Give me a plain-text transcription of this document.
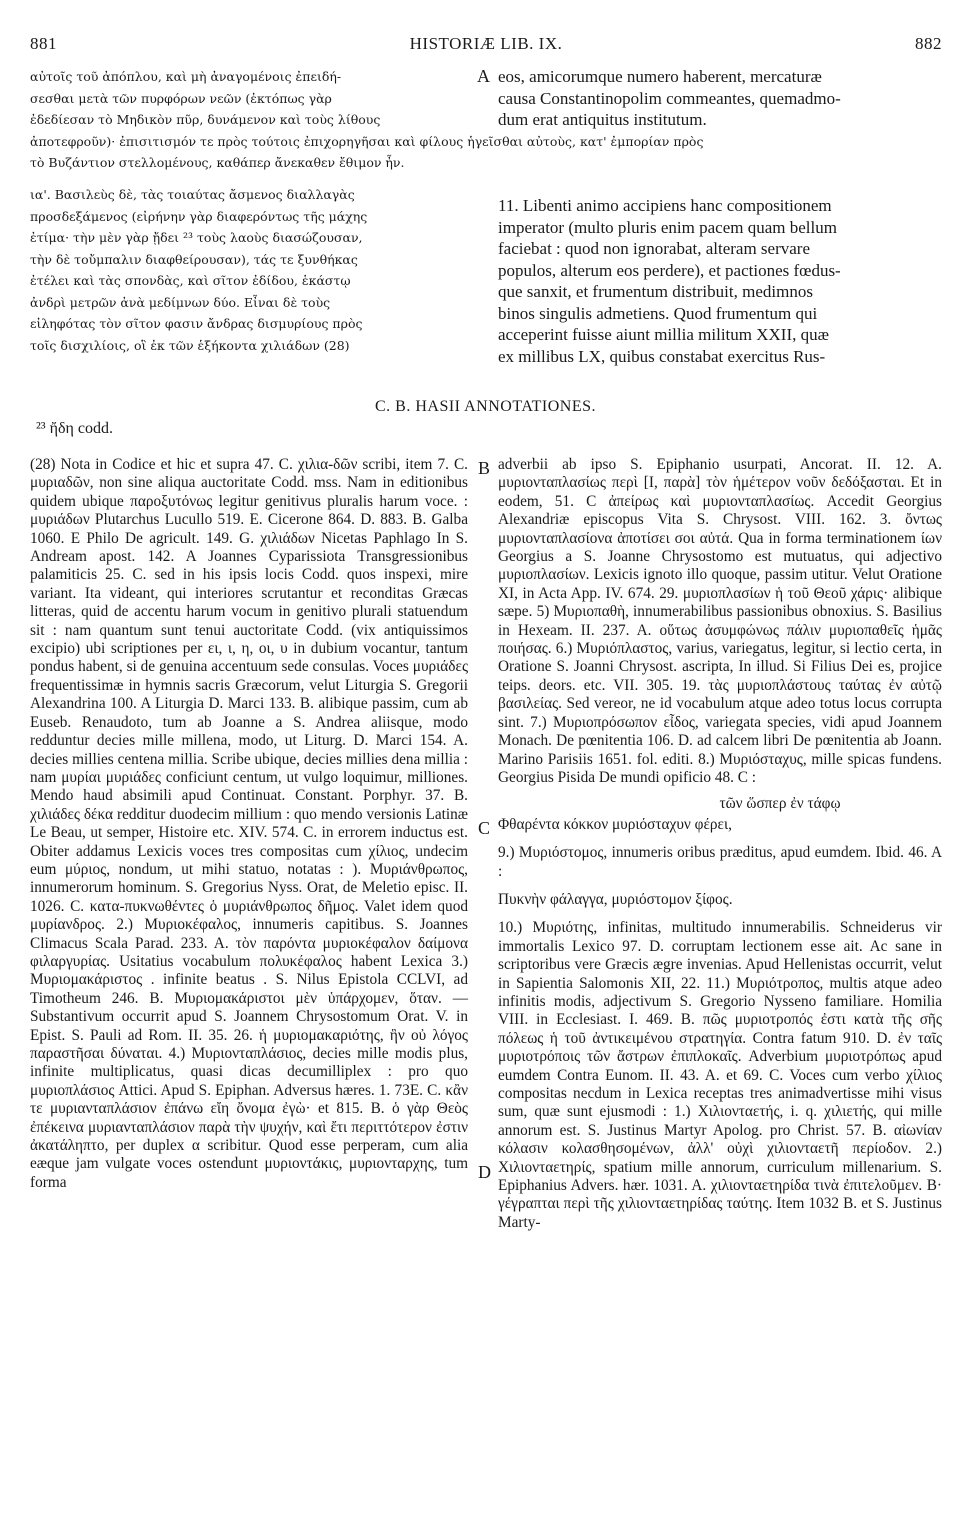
881	HISTORIÆ LIB. IX.	882
αὐτοῖς τοῦ ἀπόπλου, καὶ μὴ ἀναγομένοις ἐπειδή-
σεσθαι μετὰ τῶν πυρφόρων νεῶν (ἐκτόπως γὰρ
ἐδεδίεσαν τὸ Μηδικὸν πῦρ, δυνάμενον καὶ τοὺς λίθους
ἀποτεφροῦν)· ἐπισιτισμόν τε πρὸς τούτοις ἐπιχορηγῆσαι καὶ φίλους ἡγεῖσθαι αὐτοὺς, κατ' ἐμπορίαν πρὸς
τὸ Βυζάντιον στελλομένους, καθάπερ ἄνεκαθεν ἔθιμον ἦν.
A eos, amicorumque numero haberent, mercaturæ
causa Constantinopolim commeantes, quemadmo-
dum erat antiquitus institutum.
ια'. Βασιλεὺς δὲ, τὰς τοιαύτας ἄσμενος διαλλαγὰς
προσδεξάμενος (εἰρήνην γὰρ διαφερόντως τῆς μάχης
ἐτίμα· τὴν μὲν γὰρ ᾔδει ²³ τοὺς λαοὺς διασώζουσαν,
τὴν δὲ τοὔμπαλιν διαφθείρουσαν), τάς τε ξυνθήκας
ἐτέλει καὶ τὰς σπονδὰς, καὶ σῖτον ἐδίδου, ἑκάστῳ
ἀνδρὶ μετρῶν ἀνὰ μεδίμνων δύο. Εἶναι δὲ τοὺς
εἰληφότας τὸν σῖτον φασιν ἄνδρας δισμυρίους πρὸς
τοῖς δισχιλίοις, οἳ ἐκ τῶν ἑξήκοντα χιλιάδων (28)
11. Libenti animo accipiens hanc compositionem
imperator (multo pluris enim pacem quam bellum
faciebat : quod non ignorabat, alteram servare
populos, alterum eos perdere), et pactiones fœdus-
que sanxit, et frumentum distribuit, medimnos
binos singulis admetiens. Quod frumentum qui
acceperint fuisse aiunt millia militum XXII, quæ
ex millibus LX, quibus constabat exercitus Rus-
C. B. HASII ANNOTATIONES.
²³ ἤδη codd.

(28) Nota in Codice et hic et supra 47. C. χιλια-δῶν scribi, item 7. C. μυριαδῶν, non sine aliqua auctoritate Codd. mss. Nam in editionibus quidem ubique παροξυτόνως legitur genitivus pluralis harum voce. : μυριάδων Plutarchus Lucullo 519. E. Cicerone 864. D. 883. B. Galba 1060. E Philo De agricult. 149. G. χιλιάδων Nicetas Paphlago In S. Andream apost. 142. A Joannes Cyparissiota Transgressionibus palamiticis 25. C. sed in his ipsis locis Codd. quos inspexi, mire variant. Ita videant, qui interiores scrutantur et reconditas Græcas litteras, quid de accentu harum vocum in genitivo plurali statuendum sit : nam quantum sunt tenui auctoritate Codd. (vix antiquissimos excipio) ubi scriptiones per ει, ι, η, οι, υ in dubium vocantur, tantum pondus habent, si de genuina accentuum sede consulas. Voces μυριάδες frequentissimæ in hymnis sacris Græcorum, velut Liturgia S. Gregorii Alexandrina 100. A Liturgia D. Marci 133. B. alibique passim, cum ab Euseb. Renaudoto, tum ab Joanne a S. Andrea aliisque, modo redduntur decies mille millena, modo, ut Liturg. D. Marci 154. A. decies millies centena millia. Scribe ubique, decies millies dena millia : nam μυρίαι μυριάδες conficiunt centum, ut vulgo loquimur, milliones. Mendo haud absimili apud Continuat. Constant. Porphyr. 37. B. χιλιάδες δέκα redditur duodecim millium : quo mendo versionis Latinæ Le Beau, ut semper, Histoire etc. XIV. 574. C. in errorem inductus est. Obiter addamus Lexicis voces tres compositas cum χίλιος, undecim eum μύριος, nondum, ut mihi statuo, notatas : ). Μυριάνθρωπος, innumerorum hominum. S. Gregorius Nyss. Orat, de Meletio episc. II. 1026. C. κατα-πυκνωθέντες ὁ μυριάνθρωπος δῆμος. Valet idem quod μυρίανδρος. 2.) Μυριοκέφαλος, innumeris capitibus. S. Joannes Climacus Scala Parad. 233. A. τὸν παρόντα μυριοκέφαλον δαίμονα φιλαργυρίας. Usitatius vocabulum πολυκέφαλος habent Lexica 3.) Μυριομακάριστος . infinite beatus . S. Nilus Epistola CCLVI, ad Timotheum 246. B. Μυριομακάριστοι μὲν ὑπάρχομεν, ὅταν. — Substantivum occurrit apud S. Joannem Chrysostomum Orat. V. in Epist. S. Pauli ad Rom. II. 35. 26. ἡ μυριομακαριότης, ἣν οὐ λόγος παραστῆσαι δύναται. 4.) Μυριονταπλάσιος, decies mille modis plus, infinite multiplicatus, quasi dicas decumilliplex : pro quo μυριοπλάσιος Attici. Apud S. Epiphan. Adversus hæres. 1. 73E. C. κἂν τε μυριανταπλάσιον ἐπάνω εἴη ὄνομα ἐγὼ· et 815. B. ὁ γὰρ Θεὸς ἐπέκεινα μυριανταπλάσιον παρὰ τὴν ψυχήν, καὶ ἔτι περιττότερον ἐστιν ἀκατάληπτο, per duplex α scribitur. Quod esse perperam, cum alia eæque jam vulgate voces ostendunt μυριοντάκις, μυριονταρχης, tum forma

B
C
D

adverbii ab ipso S. Epiphanio usurpati, Ancorat. II. 12. A. μυριονταπλασίως περὶ [I, παρὰ] τὸν ἡμέτερον νοῦν δεδόξασται. Et in eodem, 51. C ἀπείρως καὶ μυριονταπλασίως. Accedit Georgius Alexandriæ episcopus Vita S. Chrysost. VIII. 162. 3. ὄντως μυριονταπλασίονα ἀποτίσει σοι αὐτά. Qua in forma terminationem ίων Georgius a S. Joanne Chrysostomo est mutuatus, qui adjectivo μυριοπλασίων. Lexicis ignoto illo quoque, passim utitur. Velut Oratione XI, in Acta App. IV. 674. 29. μυριοπλασίων ἡ τοῦ Θεοῦ χάρις· alibique sæpe. 5) Μυριοπαθὴ, innumerabilibus passionibus obnoxius. S. Basilius in Hexeam. II. 237. A. οὕτως ἀσυμφώνως πάλιν μυριοπαθεῖς ἡμᾶς ποιήσας. 6.) Μυριόπλαστος, varius, variegatus, legitur, si lectio certa, in Oratione S. Joanni Chrysost. ascripta, In illud. Si Filius Dei es, projice teips. deors. etc. VII. 305. 19. τὰς μυριοπλάστους ταύτας ἐν αὐτῷ βασιλείας. Sed vereor, ne id vocabulum atque adeo totus locus corrupta sint. 7.) Μυριοπρόσωπον εἶδος, variegata species, vidi apud Joannem Monach. De pœnitentia 106. D. ad calcem libri De pœnitentia ab Joann. Marino Parisiis 1651. fol. editi. 8.) Μυριόσταχυς, mille spicas fundens. Georgius Pisida De mundi opificio 48. C :

τῶν ὥσπερ ἐν τάφῳ

Φθαρέντα κόκκον μυριόσταχυν φέρει,

9.) Μυριόστομος, innumeris oribus præditus, apud eumdem. Ibid. 46. A :

Πυκνὴν φάλαγγα, μυριόστομον ξίφος.

10.) Μυριότης, infinitas, multitudo innumerabilis. Schneiderus vir immortalis Lexico 97. D. corruptam lectionem esse ait. Ac sane in scriptoribus vere Græcis ægre invenias. Apud Hellenistas occurrit, velut in Sapientia Salomonis XII, 22. 11.) Μυριότροπος, multis atque adeo infinitis modis, adjectivum S. Gregorio Nysseno familiare. Homilia VIII. in Ecclesiast. I. 469. B. πῶς μυριοτροπός ἐστι κατὰ τῆς σῆς πόλεως ἡ τοῦ ἀντικειμένου στρατηγία. Contra fatum 910. D. ἐν ταῖς μυριοτρόποις τῶν ἄστρων ἐπιπλοκαῖς. Adverbium μυριοτρόπως apud eumdem Contra Eunom. II. 43. A. et 69. C. Voces cum verbo χίλιος compositas necdum in Lexica receptas tres animadvertisse mihi visus sum, quæ sunt ejusmodi : 1.) Χιλιονταετής, i. q. χιλιετής, qui mille annorum est. S. Justinus Martyr Apolog. pro Christ. 57. B. αἰωνίαν κόλασιν κολασθησομένων, ἀλλ' οὐχὶ χιλιονταετῆ περίοδον. 2.) Χιλιονταετηρίς, spatium mille annorum, curriculum millenarium. S. Epiphanius Advers. hær. 1031. A. χιλιονταετηρίδα τινὰ ἐπιτελοῦμεν. B· γέγραπται περὶ τῆς χιλιονταετηρίδας ταύτης. Item 1032 B. et S. Justinus Marty-
